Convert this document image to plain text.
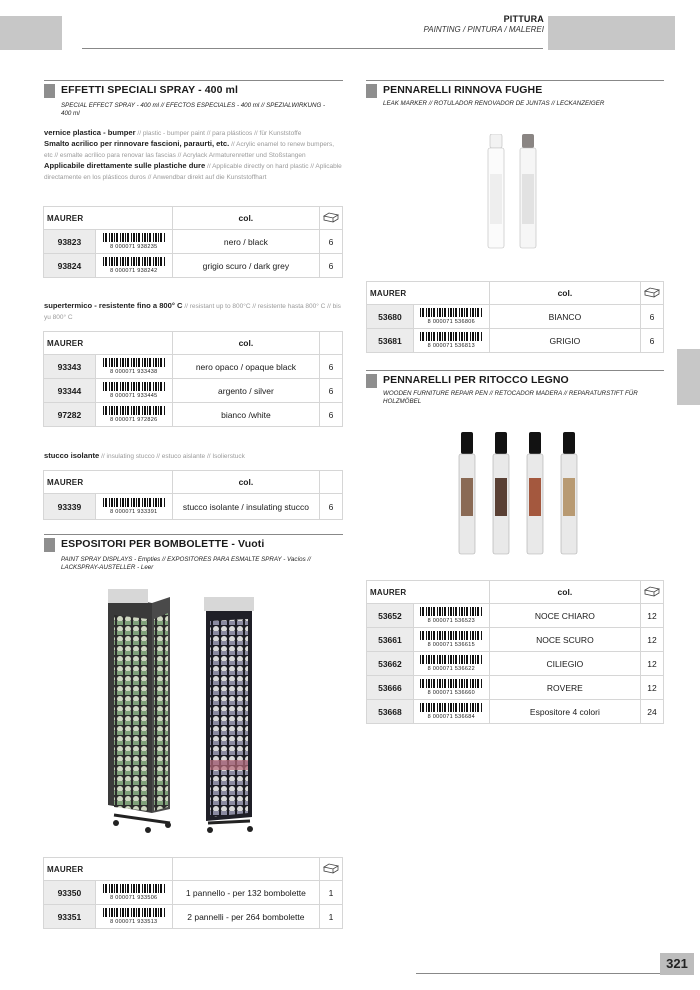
PITTURA
PAINTING / PINTURA / MALEREI
EFFETTI SPECIALI SPRAY - 400 ml
SPECIAL EFFECT SPRAY - 400 ml // EFECTOS ESPECIALES - 400 ml // SPEZIALWIRKUNG - 400 ml
vernice plastica - bumper // plastic - bumper paint // para plásticos // für Kunststoffe
Smalto acrilico per rinnovare fascioni, paraurti, etc. // Acrylic enamel to renew bumpers, etc // esmalte acrílico para renovar las fascias // Acrylack Armaturenretter und Stoßstangen
Applicabile direttamente sulle plastiche dure // Applicable directly on hard plastic // Aplicable directamente en los plásticos duros // Anwendbar direkt auf die Kunststoffhart
MAURER		col.	
93823	8 000071 938235	nero / black	6
93824	8 000071 938242	grigio scuro / dark grey	6
supertermico - resistente fino a 800° C // resistant up to 800°C // resistente hasta 800° C // bis yu 800° C
MAURER		col.	
93343	8 000071 933438	nero opaco / opaque black	6
93344	8 000071 933445	argento / silver	6
97282	8 000071 972826	bianco /white	6
stucco isolante // insulating stucco // estuco aislante // Isolierstuck
MAURER		col.	
93339	8 000071 933391	stucco isolante / insulating stucco	6
ESPOSITORI PER BOMBOLETTE - Vuoti
PAINT SPRAY DISPLAYS - Empties // EXPOSITORES PARA ESMALTE SPRAY - Vacíos // LACKSPRAY-AUSTELLER - Leer
MAURER		
93350	8 000071 933506	1 pannello - per 132 bombolette	1
93351	8 000071 933513	2 pannelli - per 264 bombolette	1
PENNARELLI RINNOVA FUGHE
LEAK MARKER // ROTULADOR RENOVADOR DE JUNTAS // LECKANZEIGER
MAURER		col.	
53680	8 000071 536806	BIANCO	6
53681	8 000071 536813	GRIGIO	6
PENNARELLI PER RITOCCO LEGNO
WOODEN FURNITURE REPAIR PEN // RETOCADOR MADERA // REPARATURSTIFT FÜR HOLZMÖBEL
MAURER		col.	
53652	8 000071 536523	NOCE CHIARO	12
53661	8 000071 536615	NOCE SCURO	12
53662	8 000071 536622	CILIEGIO	12
53666	8 000071 536660	ROVERE	12
53668	8 000071 536684	Espositore 4 colori	24
321
